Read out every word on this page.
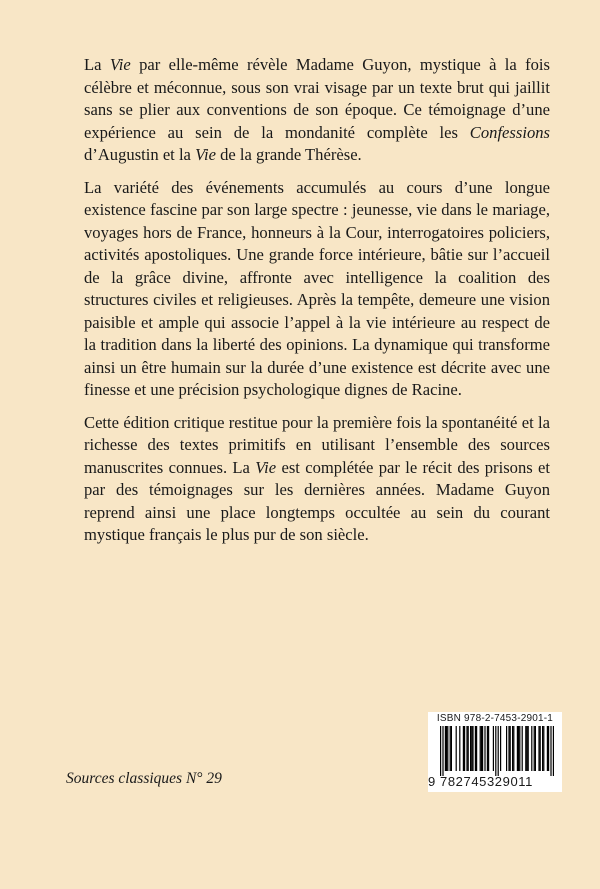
La Vie par elle-même révèle Madame Guyon, mystique à la fois célèbre et méconnue, sous son vrai visage par un texte brut qui jaillit sans se plier aux conventions de son époque. Ce témoignage d’une expérience au sein de la mondanité complète les Confessions d’Augustin et la Vie de la grande Thérèse.

La variété des événements accumulés au cours d’une longue existence fascine par son large spectre : jeunesse, vie dans le mariage, voyages hors de France, honneurs à la Cour, interrogatoires policiers, activités apostoliques. Une grande force intérieure, bâtie sur l’accueil de la grâce divine, affronte avec intelligence la coalition des structures civiles et religieuses. Après la tempête, demeure une vision paisible et ample qui associe l’appel à la vie intérieure au respect de la tradition dans la liberté des opinions. La dynamique qui transforme ainsi un être humain sur la durée d’une existence est décrite avec une finesse et une précision psychologique dignes de Racine.

Cette édition critique restitue pour la première fois la spontanéité et la richesse des textes primitifs en utilisant l’ensemble des sources manuscrites connues. La Vie est complétée par le récit des prisons et par des témoignages sur les dernières années. Madame Guyon reprend ainsi une place longtemps occultée au sein du courant mystique français le plus pur de son siècle.

Sources classiques N° 29
ISBN 978-2-7453-2901-1
9 782745329011
